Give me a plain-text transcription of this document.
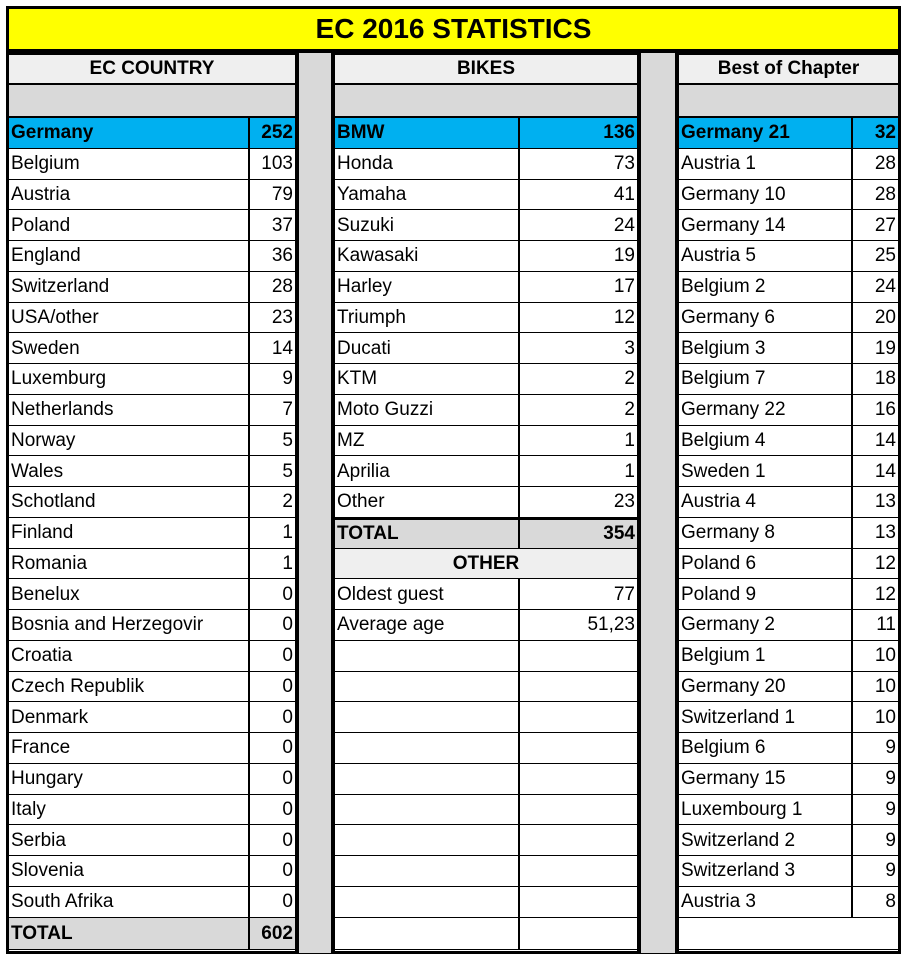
EC 2016 STATISTICS
EC COUNTRY	BIKES	Best of Chapter
Germany	252
Belgium	103
Austria	79
Poland	37
England	36
Switzerland	28
USA/other	23
Sweden	14
Luxemburg	9
Netherlands	7
Norway	5
Wales	5
Schotland	2
Finland	1
Romania	1
Benelux	0
Bosnia and Herzegovir	0
Croatia	0
Czech Republik	0
Denmark	0
France	0
Hungary	0
Italy	0
Serbia	0
Slovenia	0
South Afrika	0
TOTAL	602
BMW	136
Honda	73
Yamaha	41
Suzuki	24
Kawasaki	19
Harley	17
Triumph	12
Ducati	3
KTM	2
Moto Guzzi	2
MZ	1
Aprilia	1
Other	23
TOTAL	354
OTHER
Oldest guest	77
Average age	51,23
Germany 21	32
Austria 1	28
Germany 10	28
Germany 14	27
Austria 5	25
Belgium 2	24
Germany 6	20
Belgium 3	19
Belgium 7	18
Germany 22	16
Belgium 4	14
Sweden 1	14
Austria 4	13
Germany 8	13
Poland 6	12
Poland 9	12
Germany 2	11
Belgium 1	10
Germany 20	10
Switzerland 1	10
Belgium 6	9
Germany 15	9
Luxembourg 1	9
Switzerland 2	9
Switzerland 3	9
Austria 3	8
